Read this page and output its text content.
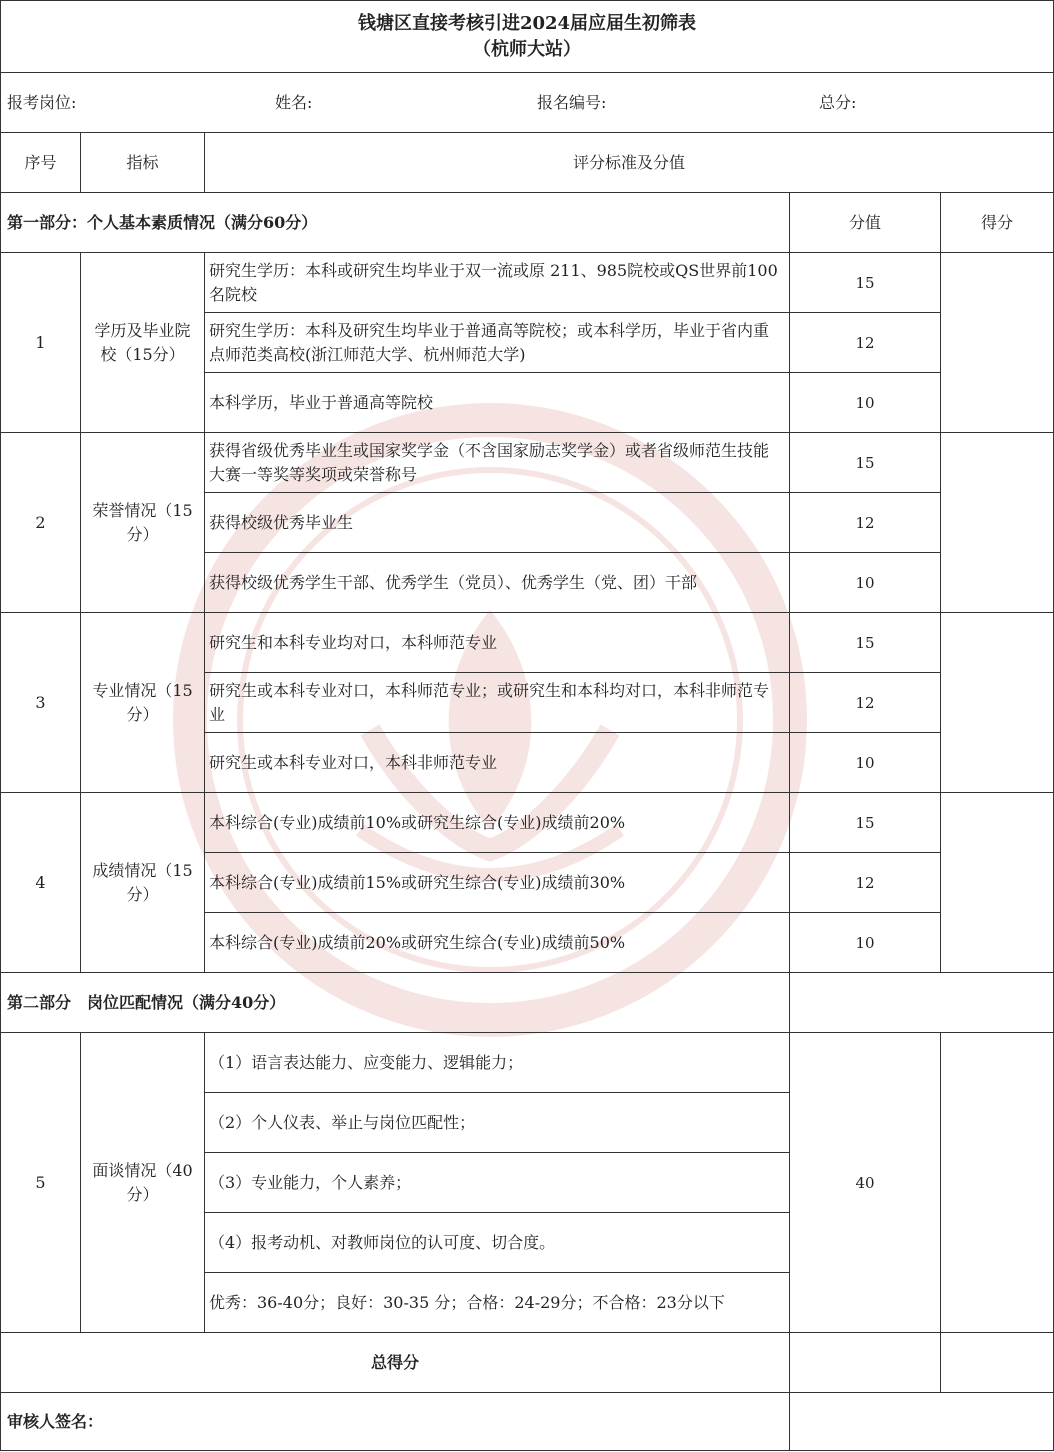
钱塘区直接考核引进2024届应届生初筛表
（杭师大站）				

报考岗位: 姓名: 报名编号: 总分:				

序号	指标	评分标准及分值		
第一部分：个人基本素质情况（满分60分）			分值	得分
1	学历及毕业院校（15分）	研究生学历：本科或研究生均毕业于双一流或原 211、985院校或QS世界前100名院校	15	
		研究生学历：本科及研究生均毕业于普通高等院校；或本科学历，毕业于省内重点师范类高校(浙江师范大学、杭州师范大学)	12	
		本科学历，毕业于普通高等院校	10	
2	荣誉情况（15分）	获得省级优秀毕业生或国家奖学金（不含国家励志奖学金）或者省级师范生技能大赛一等奖等奖项或荣誉称号	15	
		获得校级优秀毕业生	12	
		获得校级优秀学生干部、优秀学生（党员）、优秀学生（党、团）干部	10	
3	专业情况（15分）	研究生和本科专业均对口，本科师范专业	15	
		研究生或本科专业对口，本科师范专业；或研究生和本科均对口，本科非师范专业	12	
		研究生或本科专业对口，本科非师范专业	10	
4	成绩情况（15分）	本科综合(专业)成绩前10%或研究生综合(专业)成绩前20%	15	
		本科综合(专业)成绩前15%或研究生综合(专业)成绩前30%	12	
		本科综合(专业)成绩前20%或研究生综合(专业)成绩前50%	10	
第二部分　岗位匹配情况（满分40分）				
5	面谈情况（40分）	（1）语言表达能力、应变能力、逻辑能力；	40	
		（2）个人仪表、举止与岗位匹配性；		
		（3）专业能力，个人素养；		
		（4）报考动机、对教师岗位的认可度、切合度。		
		优秀：36-40分；良好：30-35 分；合格：24-29分；不合格：23分以下		
总得分				
审核人签名：				
